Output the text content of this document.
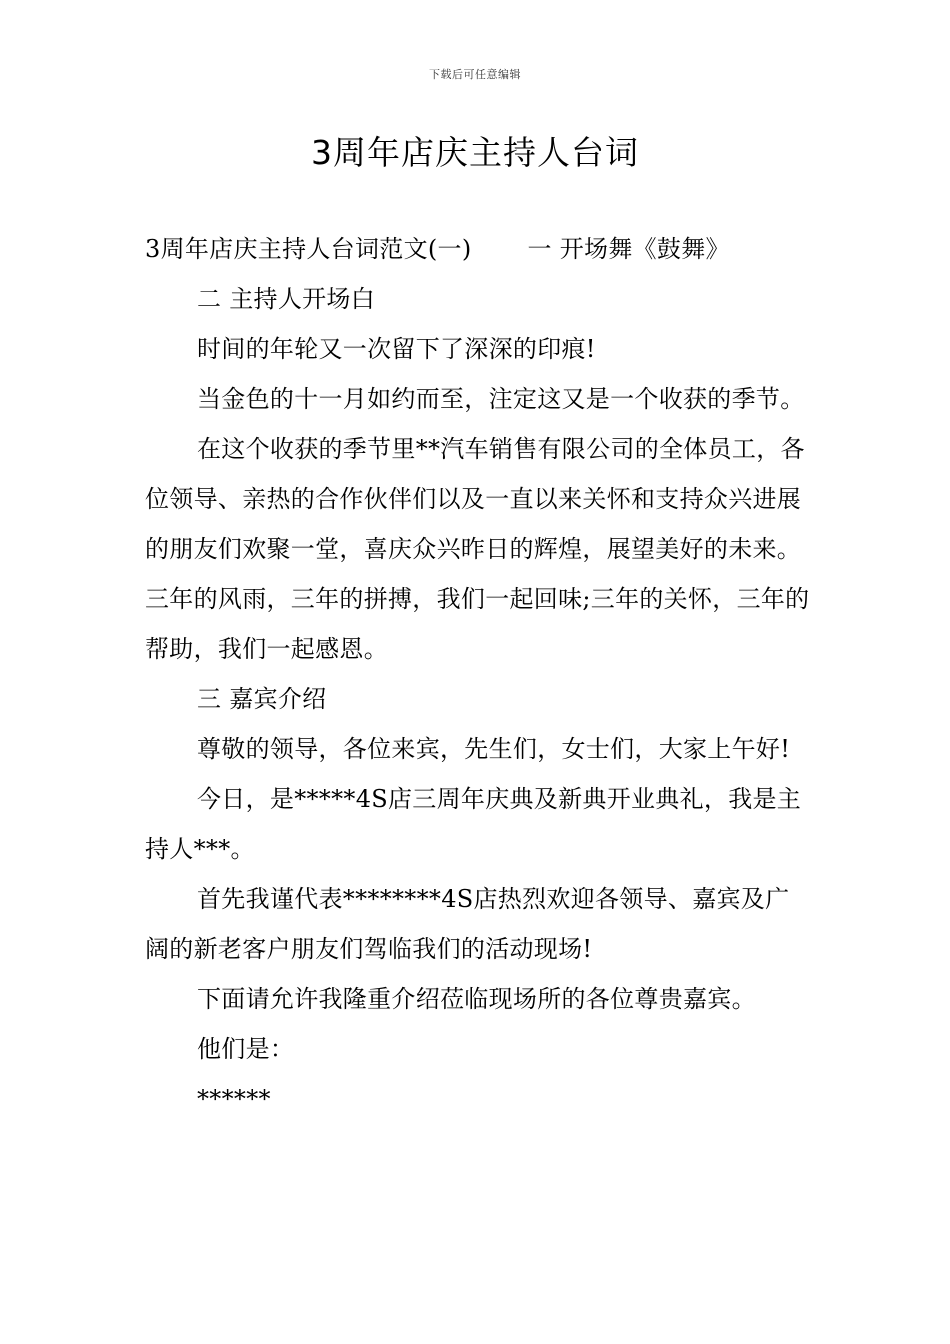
下载后可任意编辑
3周年店庆主持人台词

3周年店庆主持人台词范文(一) 一 开场舞《鼓舞》

二 主持人开场白

时间的年轮又一次留下了深深的印痕!

当金色的十一月如约而至，注定这又是一个收获的季节。

在这个收获的季节里**汽车销售有限公司的全体员工，各位领导、亲热的合作伙伴们以及一直以来关怀和支持众兴进展的朋友们欢聚一堂，喜庆众兴昨日的辉煌，展望美好的未来。 三年的风雨，三年的拼搏，我们一起回味;三年的关怀，三年的帮助，我们一起感恩。

三 嘉宾介绍

尊敬的领导，各位来宾，先生们，女士们，大家上午好!

今日，是*****4S店三周年庆典及新典开业典礼，我是主持人***。

首先我谨代表********4S店热烈欢迎各领导、嘉宾及广阔的新老客户朋友们驾临我们的活动现场!

下面请允许我隆重介绍莅临现场所的各位尊贵嘉宾。

他们是：

******
